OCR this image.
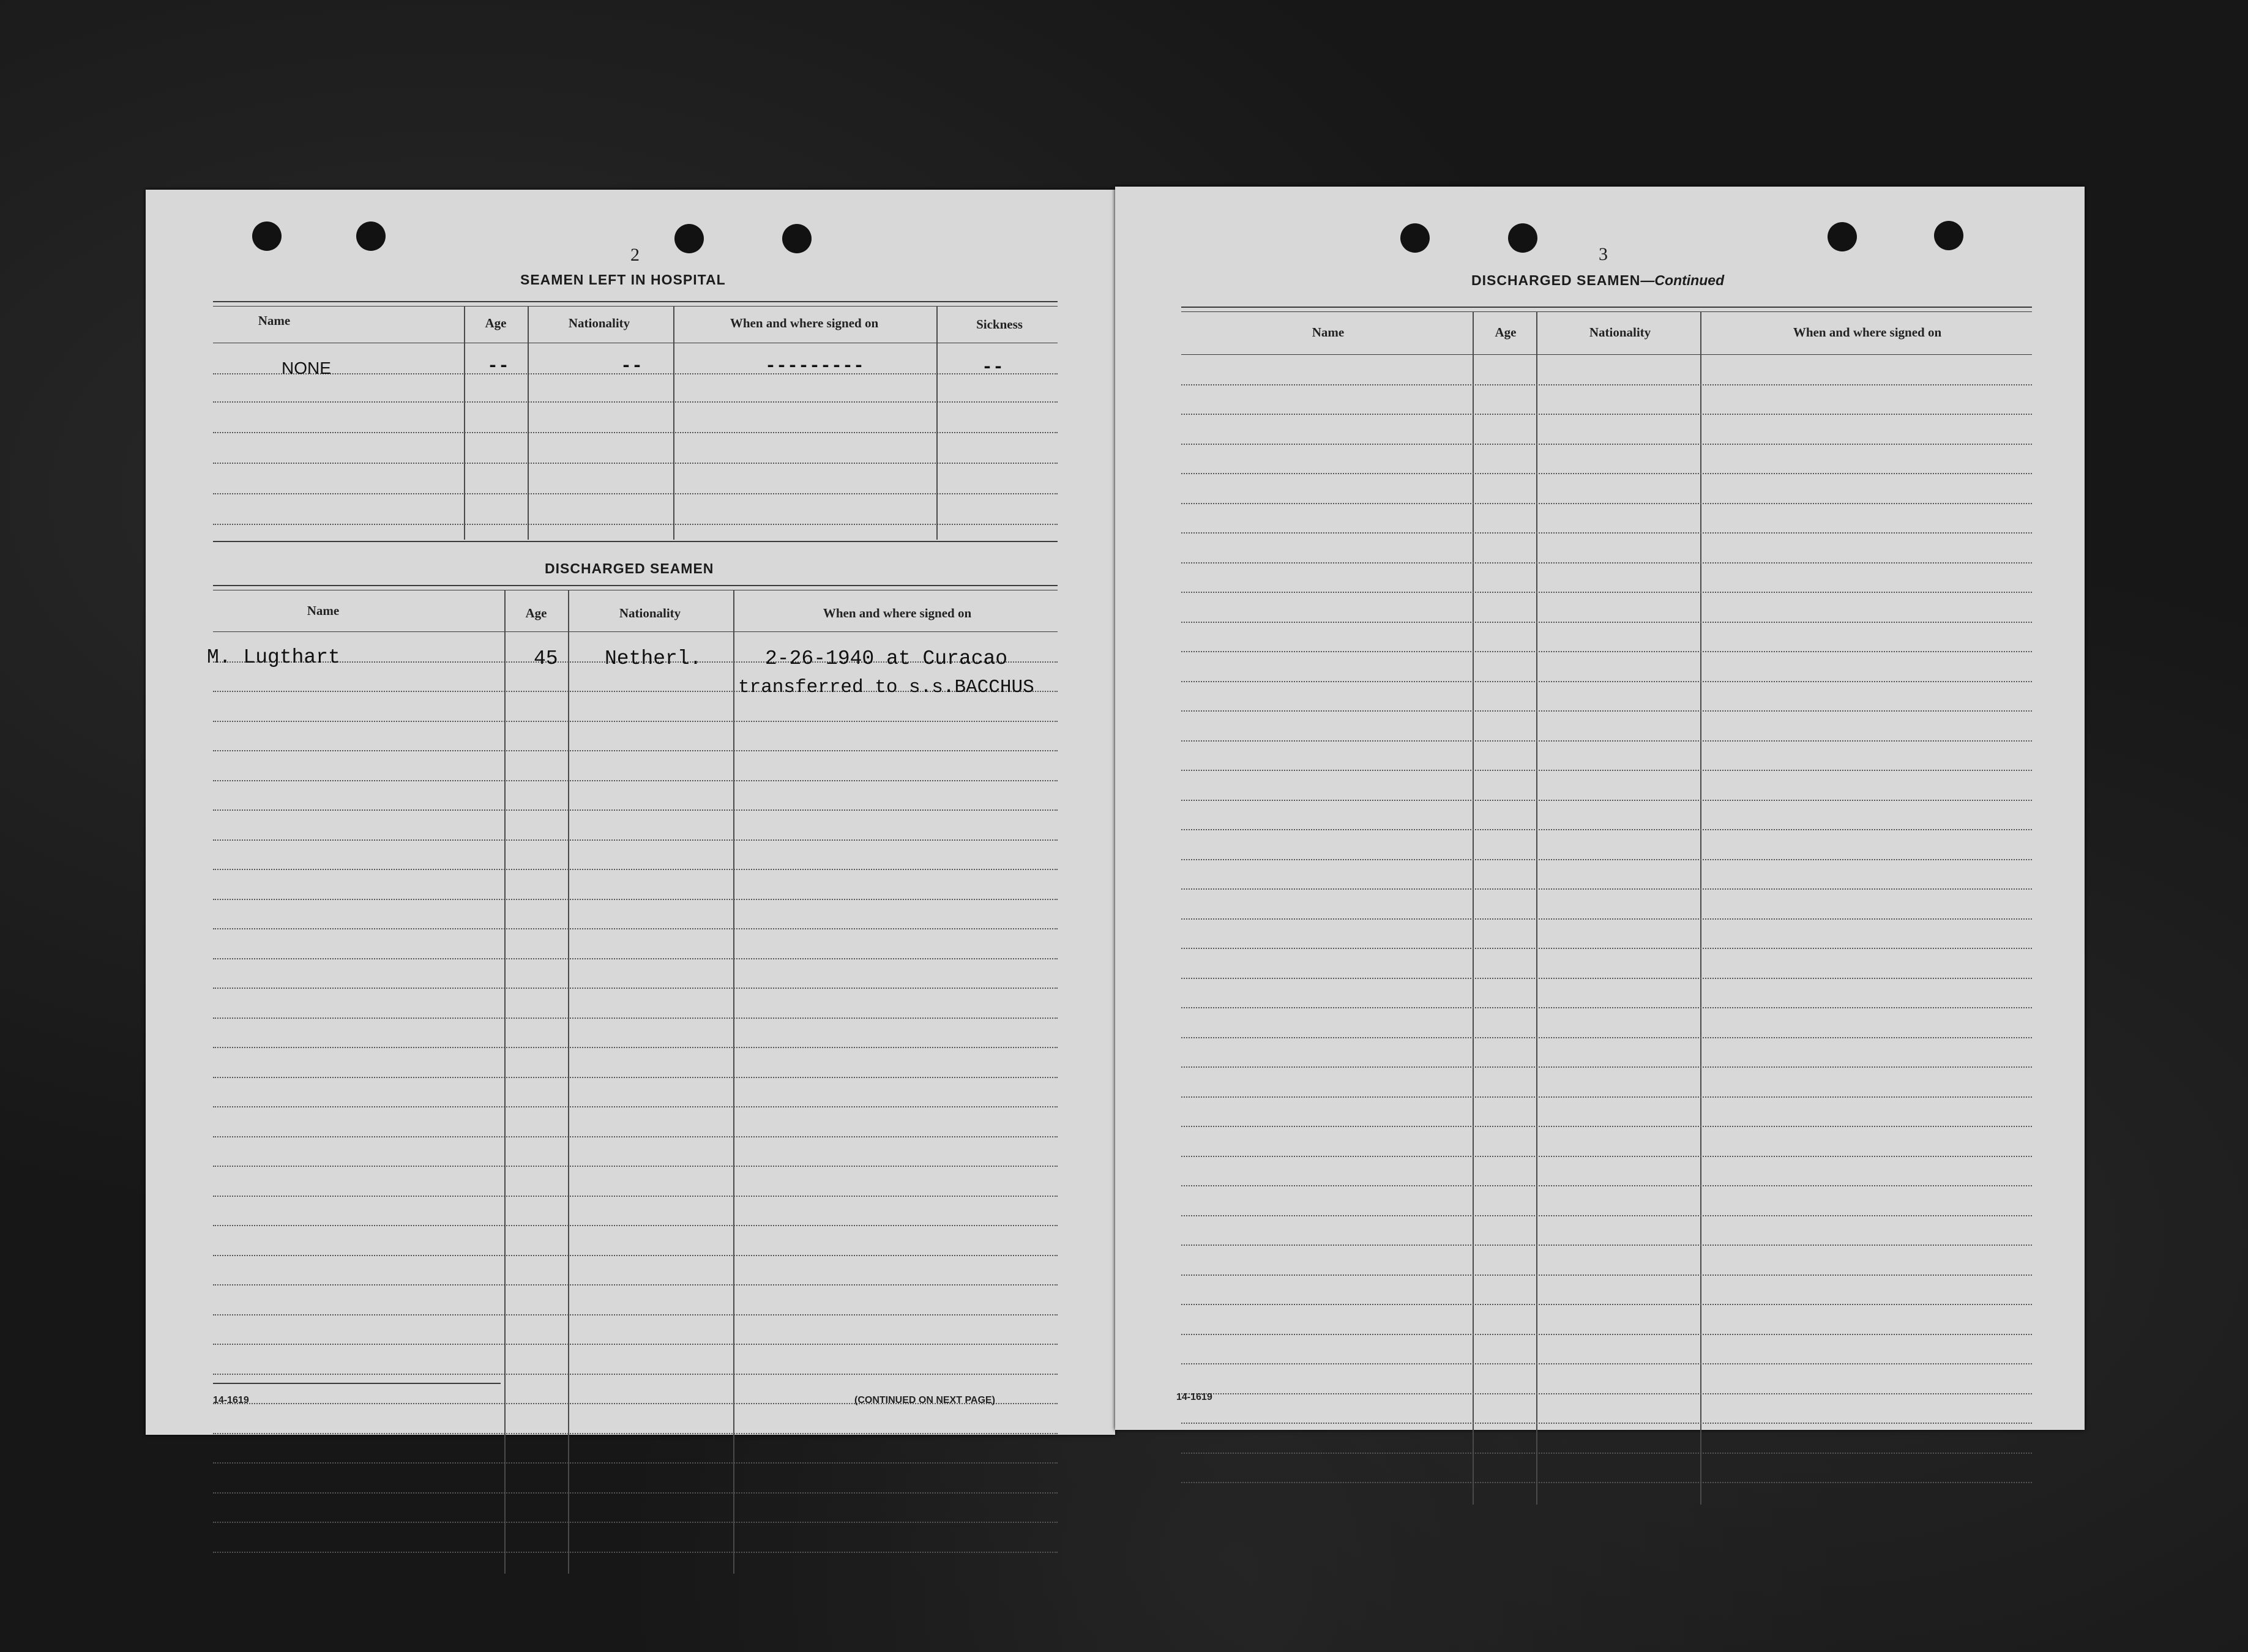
2
SEAMEN LEFT IN HOSPITAL
Name	Age	Nationality	When and where signed on	Sickness
NONE	--	--	---------	--
DISCHARGED SEAMEN
Name	Age	Nationality	When and where signed on
M. Lugthart	45 Netherl.	2-26-1940 at Curacao
transferred to s.s.BACCHUS
14-1619	(CONTINUED ON NEXT PAGE)
3
DISCHARGED SEAMEN—Continued
Name	Age	Nationality	When and where signed on
14-1619
